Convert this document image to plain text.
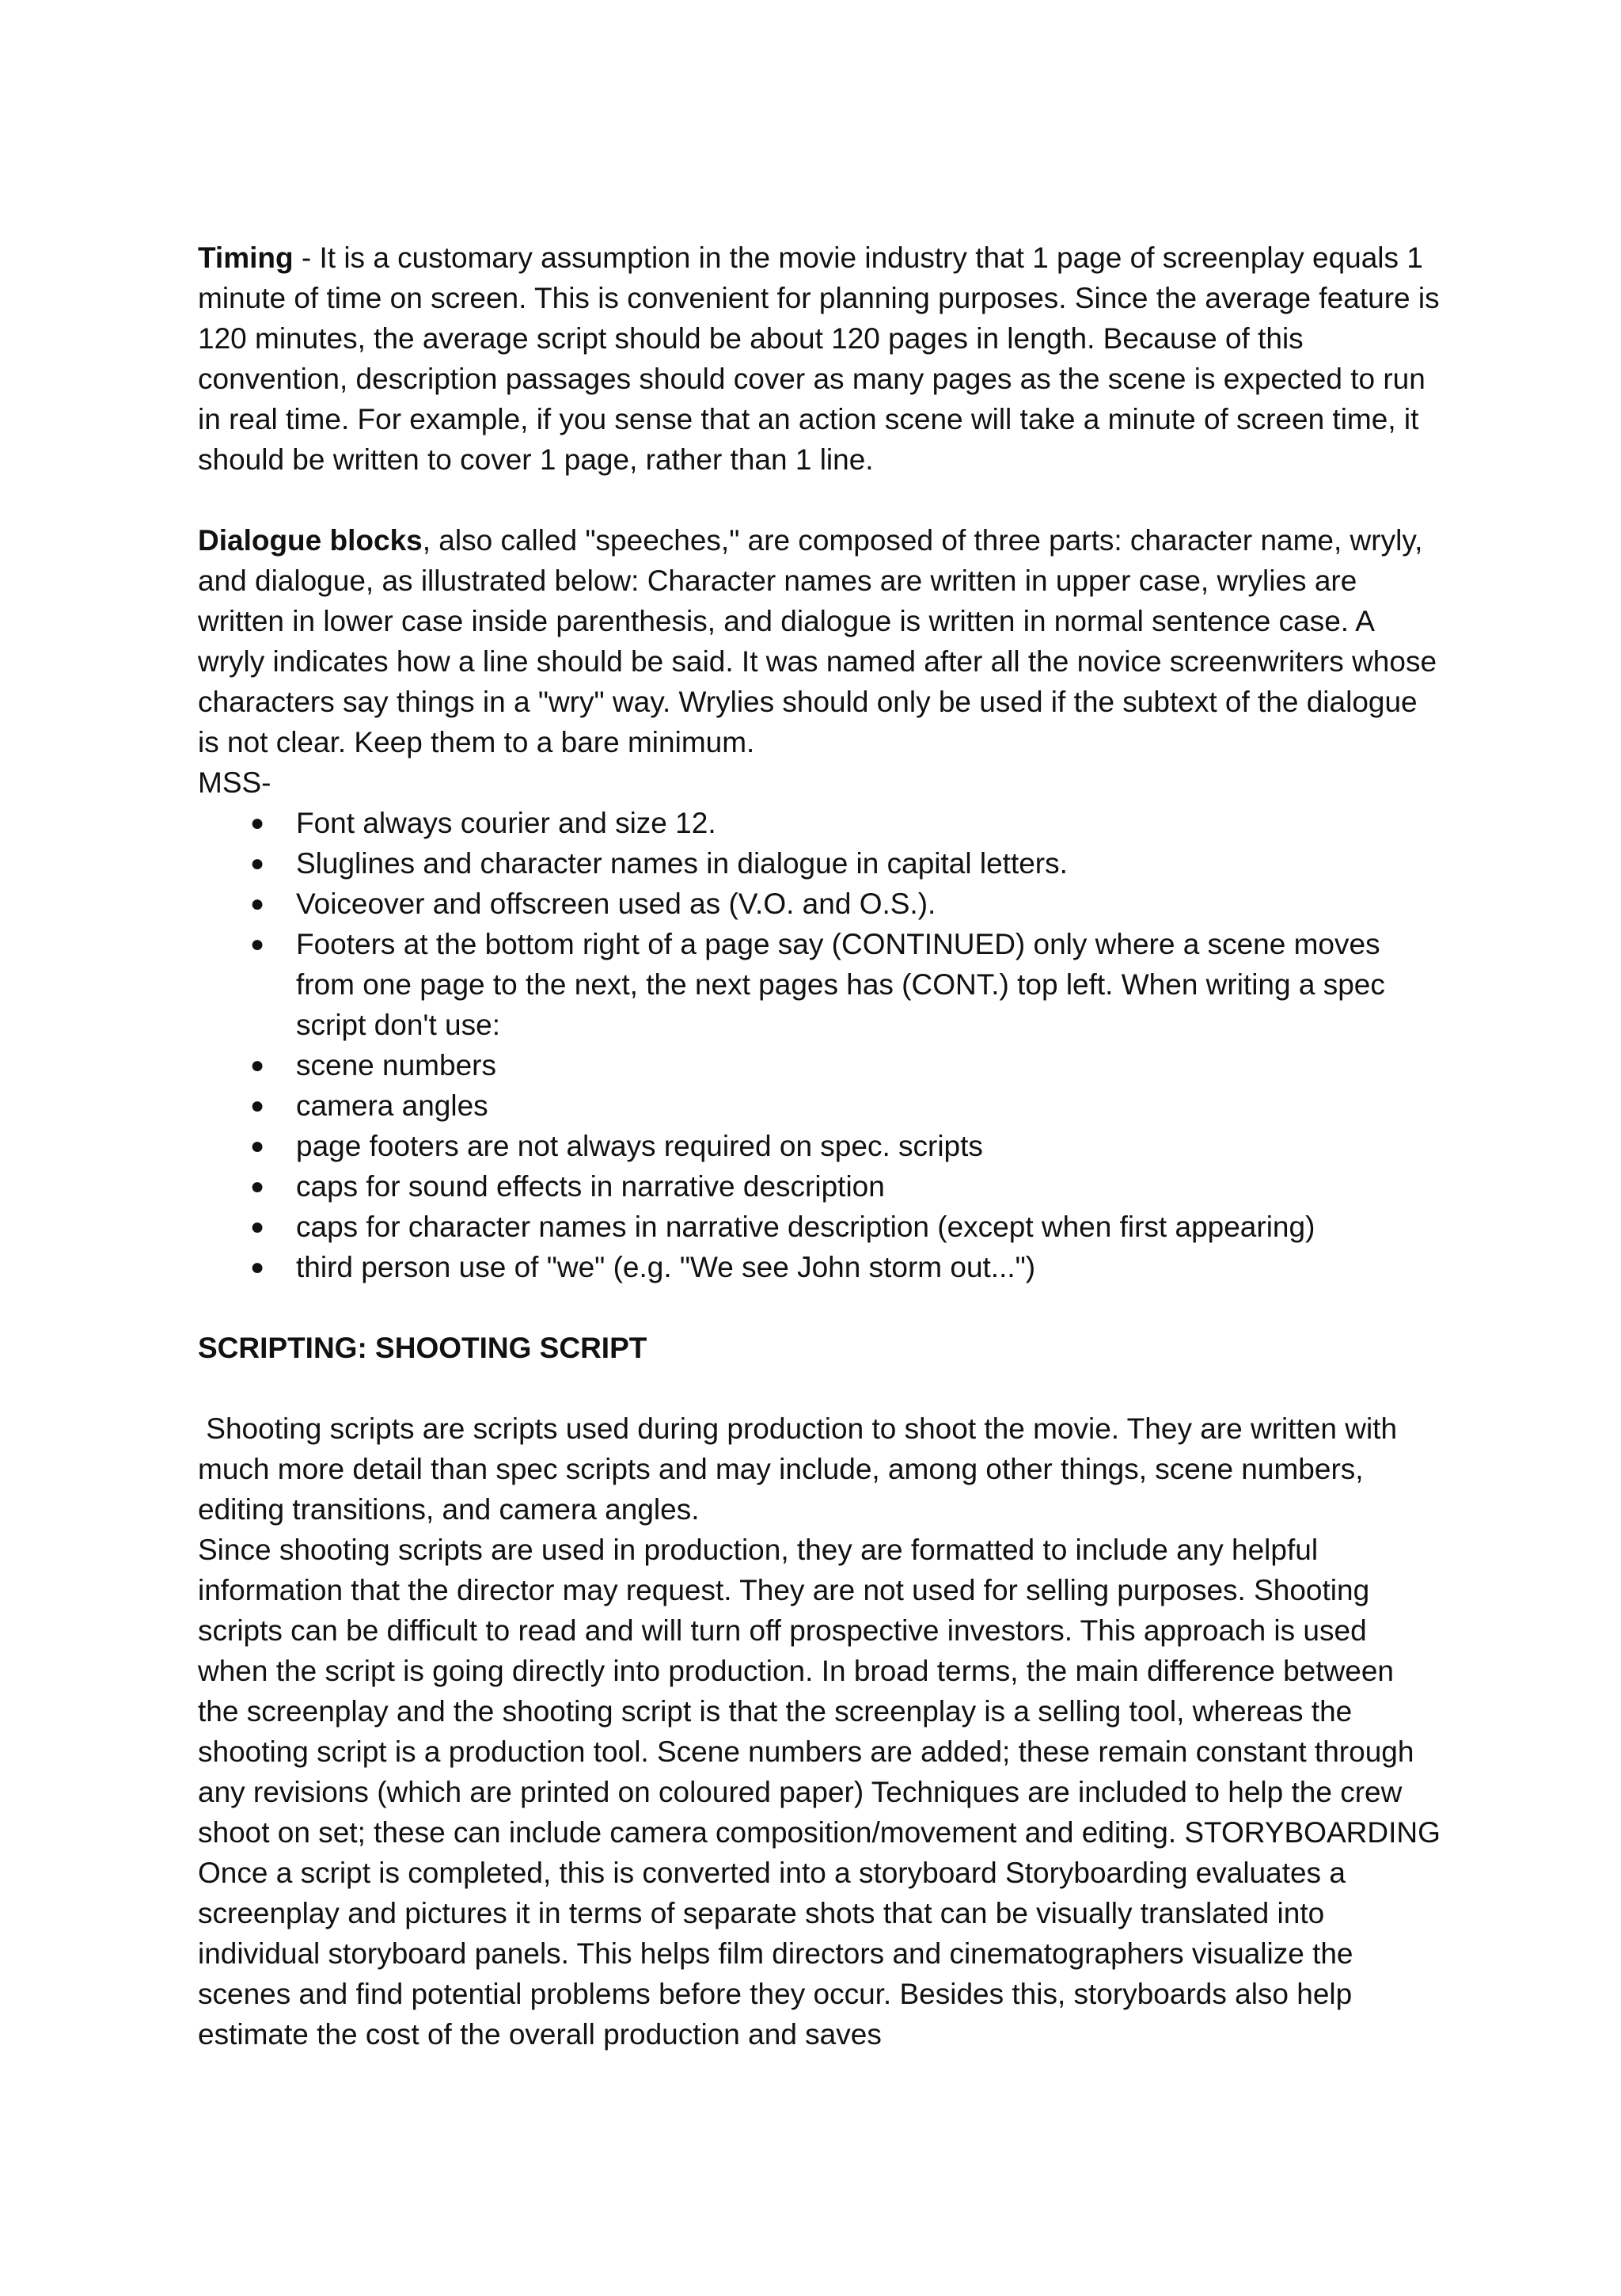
Timing - It is a customary assumption in the movie industry that 1 page of screenplay equals 1 minute of time on screen. This is convenient for planning purposes. Since the average feature is 120 minutes, the average script should be about 120 pages in length. Because of this convention, description passages should cover as many pages as the scene is expected to run in real time. For example, if you sense that an action scene will take a minute of screen time, it should be written to cover 1 page, rather than 1 line.

Dialogue blocks, also called "speeches," are composed of three parts: character name, wryly, and dialogue, as illustrated below: Character names are written in upper case, wrylies are written in lower case inside parenthesis, and dialogue is written in normal sentence case. A wryly indicates how a line should be said. It was named after all the novice screenwriters whose characters say things in a "wry" way. Wrylies should only be used if the subtext of the dialogue is not clear. Keep them to a bare minimum.

MSS-

● Font always courier and size 12.
● Sluglines and character names in dialogue in capital letters.
● Voiceover and offscreen used as (V.O. and O.S.).
● Footers at the bottom right of a page say (CONTINUED) only where a scene moves from one page to the next, the next pages has (CONT.) top left. When writing a spec script don't use:
● scene numbers
● camera angles
● page footers are not always required on spec. scripts
● caps for sound effects in narrative description
● caps for character names in narrative description (except when first appearing)
● third person use of "we" (e.g. "We see John storm out...")

SCRIPTING: SHOOTING SCRIPT

Shooting scripts are scripts used during production to shoot the movie. They are written with much more detail than spec scripts and may include, among other things, scene numbers, editing transitions, and camera angles.

Since shooting scripts are used in production, they are formatted to include any helpful information that the director may request. They are not used for selling purposes. Shooting scripts can be difficult to read and will turn off prospective investors. This approach is used when the script is going directly into production. In broad terms, the main difference between the screenplay and the shooting script is that the screenplay is a selling tool, whereas the shooting script is a production tool. Scene numbers are added; these remain constant through any revisions (which are printed on coloured paper) Techniques are included to help the crew shoot on set; these can include camera composition/movement and editing. STORYBOARDING Once a script is completed, this is converted into a storyboard Storyboarding evaluates a screenplay and pictures it in terms of separate shots that can be visually translated into individual storyboard panels. This helps film directors and cinematographers visualize the scenes and find potential problems before they occur. Besides this, storyboards also help estimate the cost of the overall production and saves
